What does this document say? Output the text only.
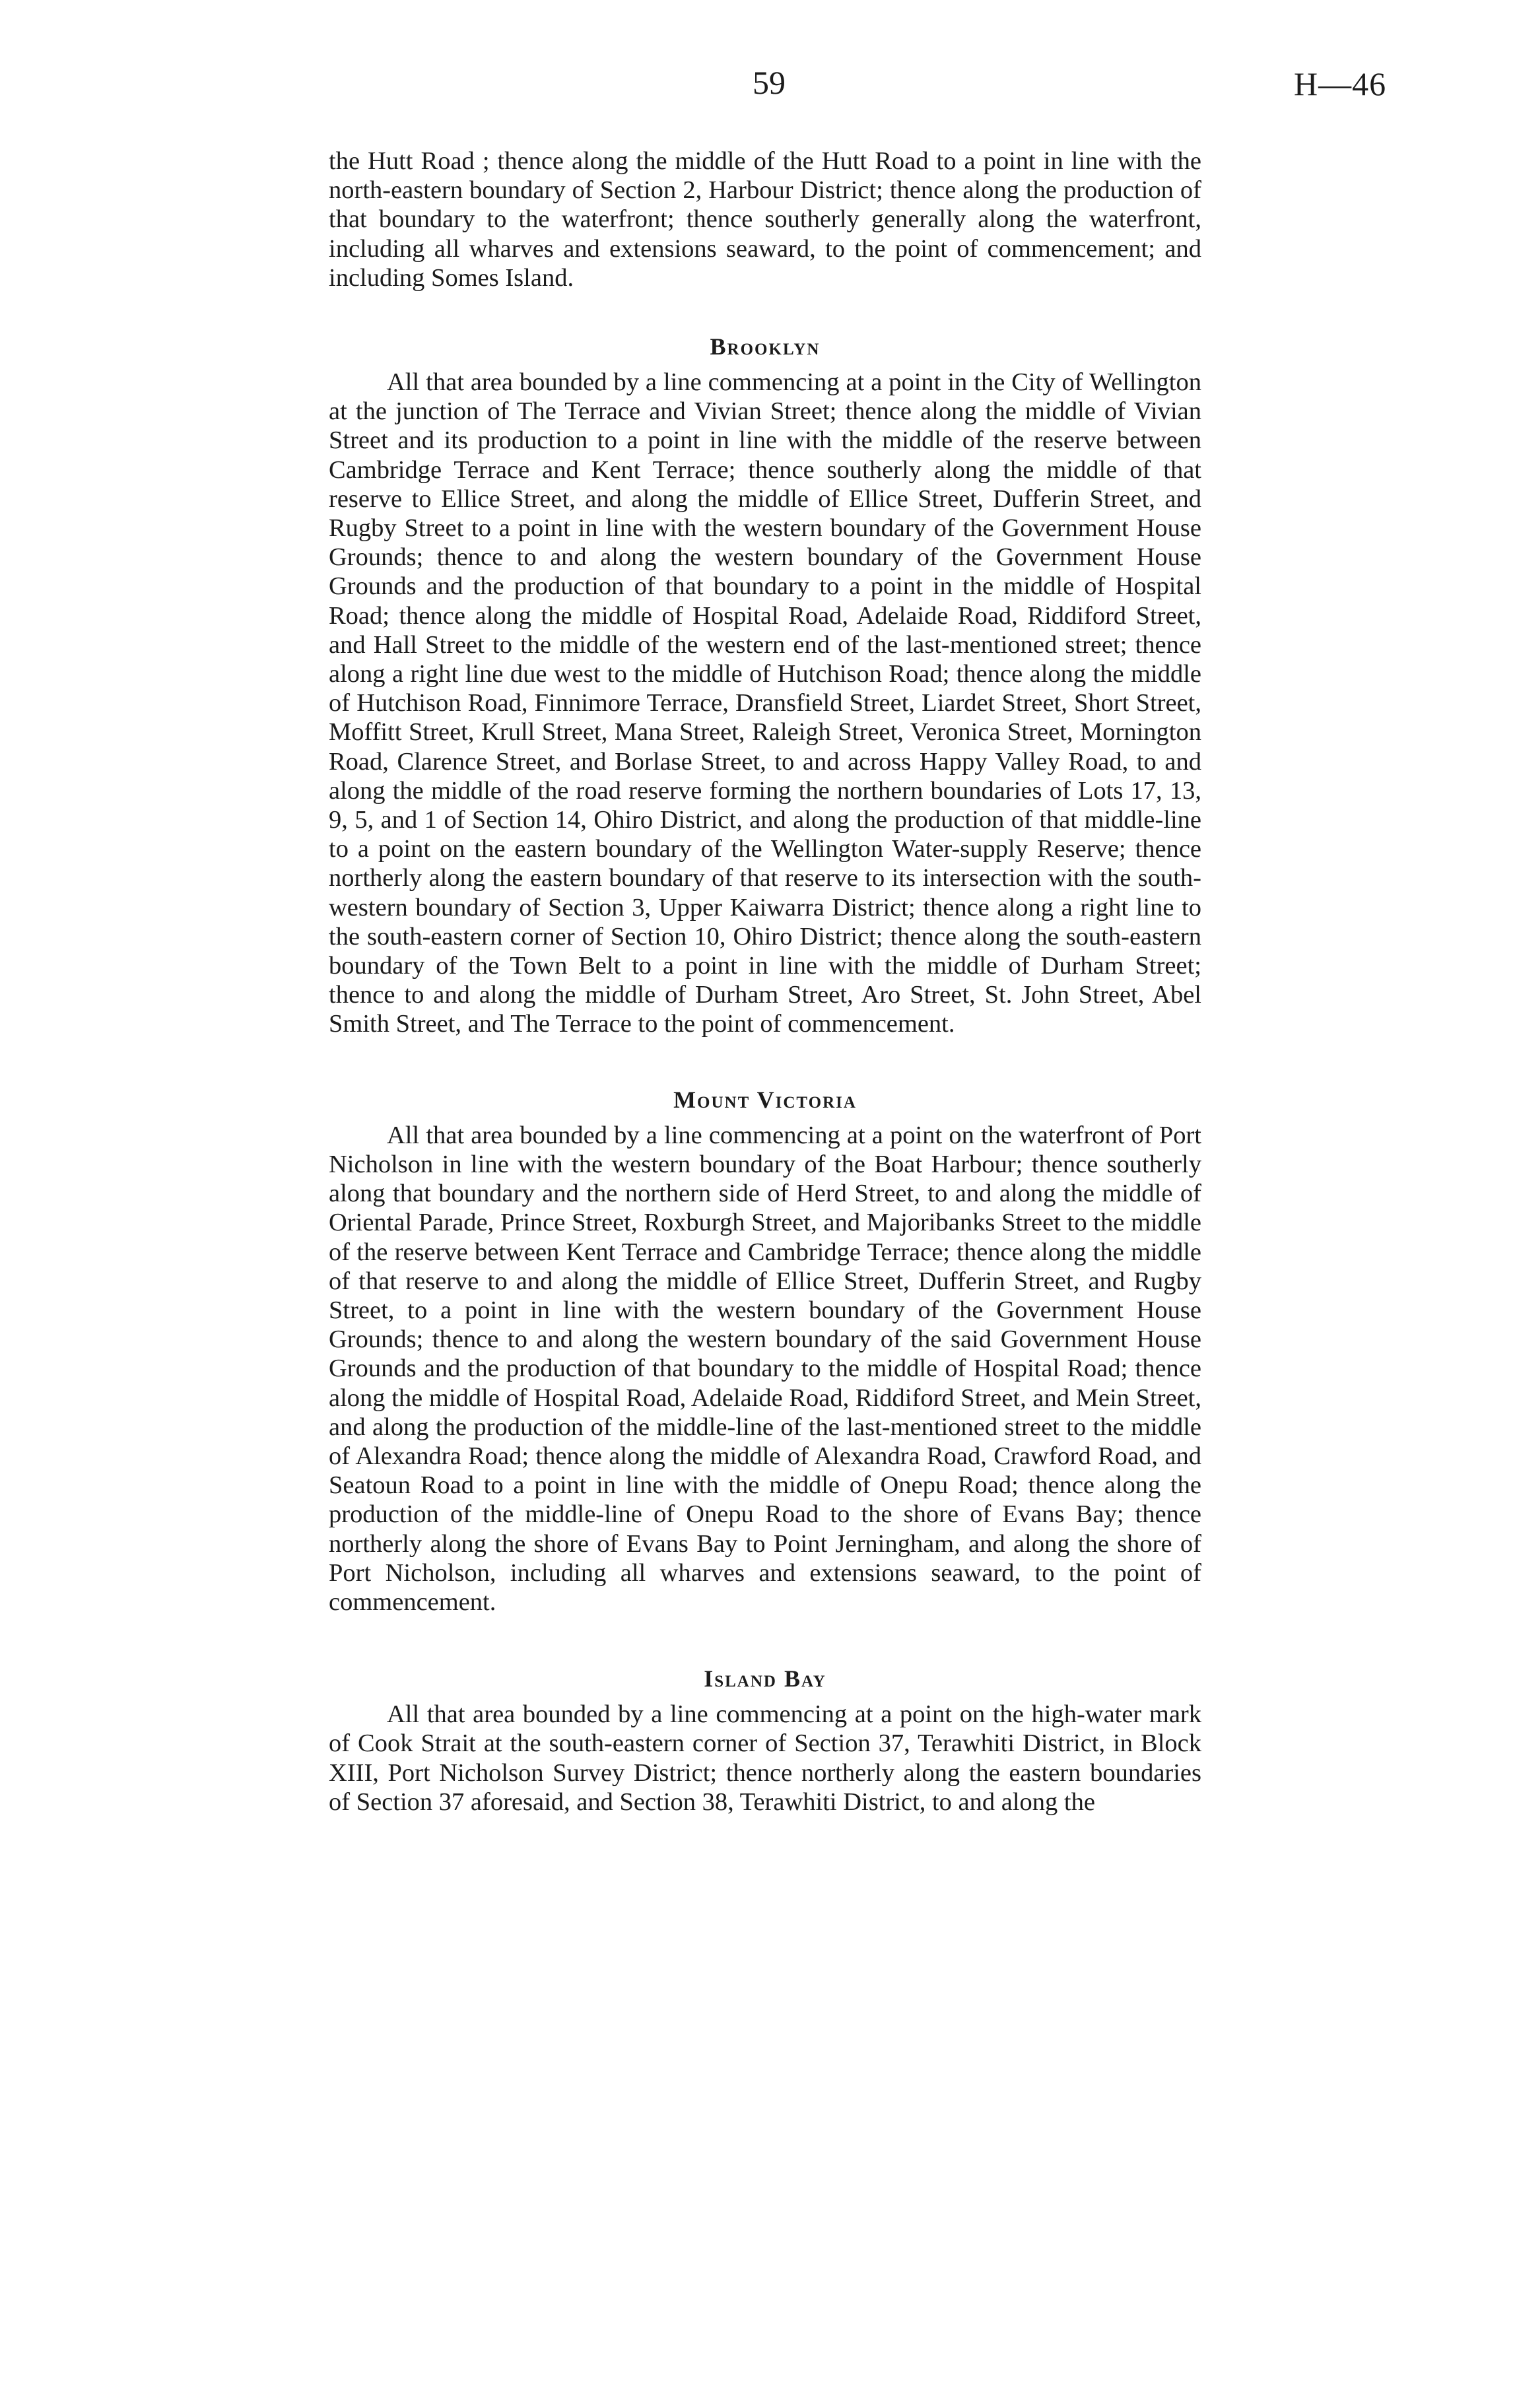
59	H—46

the Hutt Road ; thence along the middle of the Hutt Road to a point in line with the north-eastern boundary of Section 2, Harbour District; thence along the production of that boundary to the waterfront; thence southerly generally along the waterfront, including all wharves and extensions seaward, to the point of commencement; and including Somes Island.

Brooklyn

All that area bounded by a line commencing at a point in the City of Wellington at the junction of The Terrace and Vivian Street; thence along the middle of Vivian Street and its production to a point in line with the middle of the reserve between Cambridge Terrace and Kent Terrace; thence southerly along the middle of that reserve to Ellice Street, and along the middle of Ellice Street, Dufferin Street, and Rugby Street to a point in line with the western boundary of the Government House Grounds; thence to and along the western boundary of the Government House Grounds and the production of that boundary to a point in the middle of Hospital Road; thence along the middle of Hospital Road, Adelaide Road, Riddiford Street, and Hall Street to the middle of the western end of the last-mentioned street; thence along a right line due west to the middle of Hutchison Road; thence along the middle of Hutchison Road, Finnimore Terrace, Dransfield Street, Liardet Street, Short Street, Moffitt Street, Krull Street, Mana Street, Raleigh Street, Veronica Street, Mornington Road, Clarence Street, and Borlase Street, to and across Happy Valley Road, to and along the middle of the road reserve forming the northern boundaries of Lots 17, 13, 9, 5, and 1 of Section 14, Ohiro District, and along the production of that middle-line to a point on the eastern boundary of the Wellington Water-supply Reserve; thence northerly along the eastern boundary of that reserve to its intersection with the south-western boundary of Section 3, Upper Kaiwarra District; thence along a right line to the south-eastern corner of Section 10, Ohiro District; thence along the south-eastern boundary of the Town Belt to a point in line with the middle of Durham Street; thence to and along the middle of Durham Street, Aro Street, St. John Street, Abel Smith Street, and The Terrace to the point of commencement.

Mount Victoria

All that area bounded by a line commencing at a point on the waterfront of Port Nicholson in line with the western boundary of the Boat Harbour; thence southerly along that boundary and the northern side of Herd Street, to and along the middle of Oriental Parade, Prince Street, Roxburgh Street, and Majoribanks Street to the middle of the reserve between Kent Terrace and Cambridge Terrace; thence along the middle of that reserve to and along the middle of Ellice Street, Dufferin Street, and Rugby Street, to a point in line with the western boundary of the Government House Grounds; thence to and along the western boundary of the said Government House Grounds and the production of that boundary to the middle of Hospital Road; thence along the middle of Hospital Road, Adelaide Road, Riddiford Street, and Mein Street, and along the production of the middle-line of the last-mentioned street to the middle of Alexandra Road; thence along the middle of Alexandra Road, Crawford Road, and Seatoun Road to a point in line with the middle of Onepu Road; thence along the production of the middle-line of Onepu Road to the shore of Evans Bay; thence northerly along the shore of Evans Bay to Point Jerningham, and along the shore of Port Nicholson, including all wharves and extensions seaward, to the point of commencement.

Island Bay

All that area bounded by a line commencing at a point on the high-water mark of Cook Strait at the south-eastern corner of Section 37, Terawhiti District, in Block XIII, Port Nicholson Survey District; thence northerly along the eastern boundaries of Section 37 aforesaid, and Section 38, Terawhiti District, to and along the
